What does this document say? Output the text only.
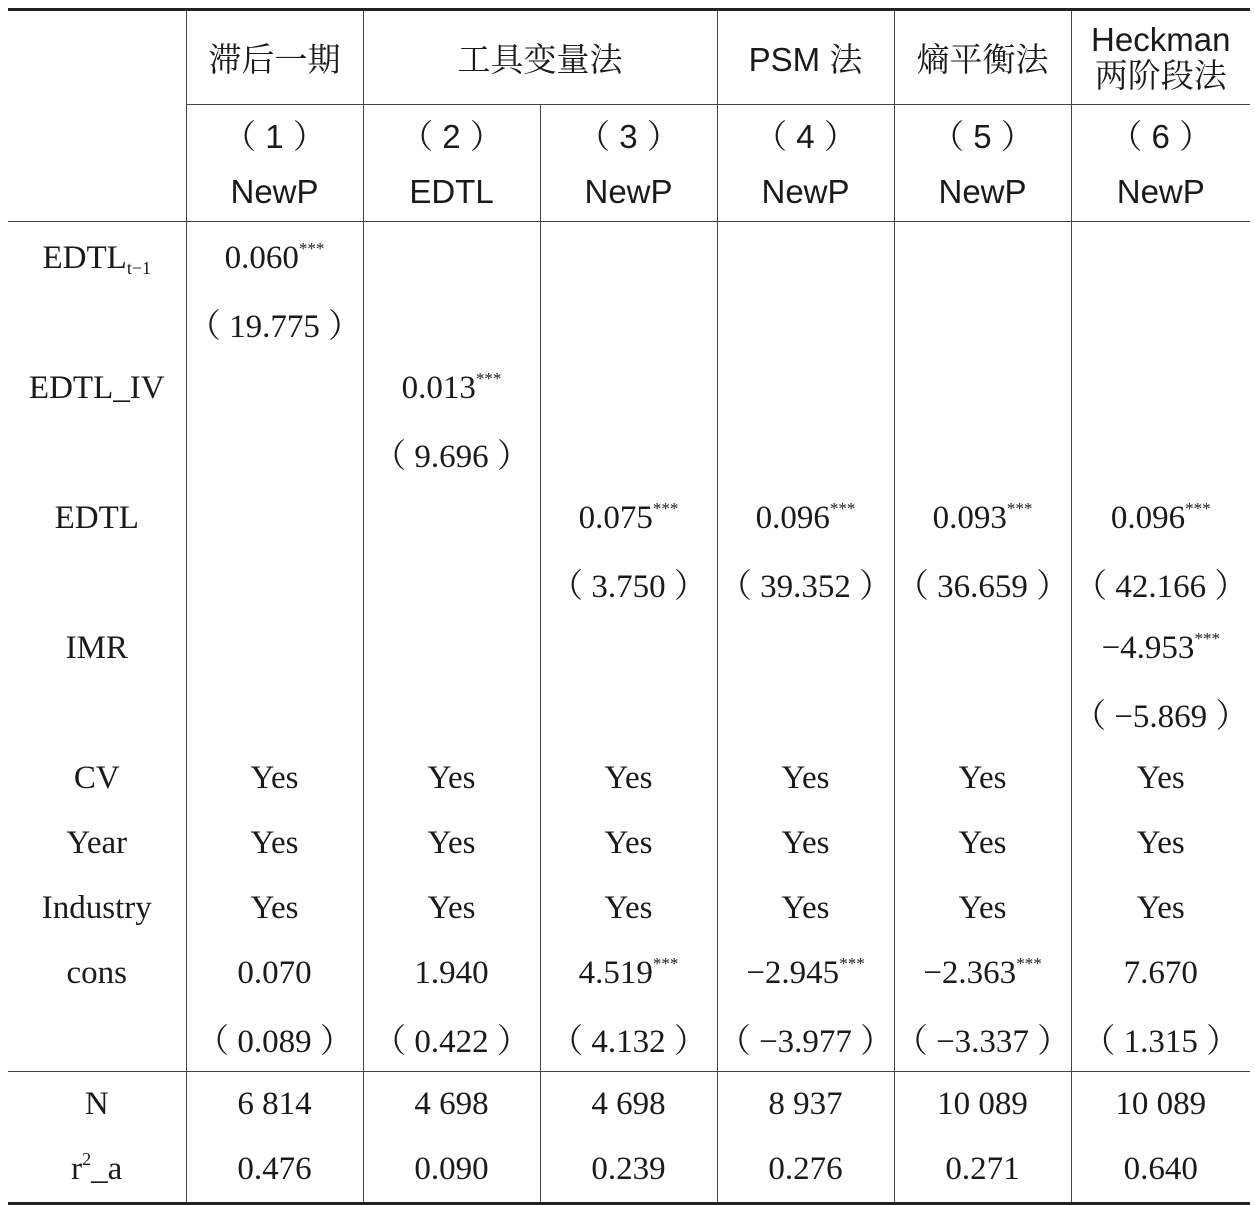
	滞后一期	工具变量法		PSM 法	熵平衡法	Heckman
两阶段法
	（ 1 ）	（ 2 ）	（ 3 ）	（ 4 ）	（ 5 ）	（ 6 ）
	NewP	EDTL	NewP	NewP	NewP	NewP
$EDTL_{t-1}$	0.060***					
	（ 19.775 ）					
EDTL_IV		0.013***				
		（ 9.696 ）				
EDTL			0.075***	0.096***	0.093***	0.096***
			（ 3.750 ）	（ 39.352 ）	（ 36.659 ）	（ 42.166 ）
IMR						−4.953***
						（ −5.869 ）
CV	Yes	Yes	Yes	Yes	Yes	Yes
Year	Yes	Yes	Yes	Yes	Yes	Yes
Industry	Yes	Yes	Yes	Yes	Yes	Yes
cons	0.070	1.940	4.519***	−2.945***	−2.363***	7.670
	（ 0.089 ）	（ 0.422 ）	（ 4.132 ）	（ −3.977 ）	（ −3.337 ）	（ 1.315 ）
N	6 814	4 698	4 698	8 937	10 089	10 089
$r^2\_a$	0.476	0.090	0.239	0.276	0.271	0.640
